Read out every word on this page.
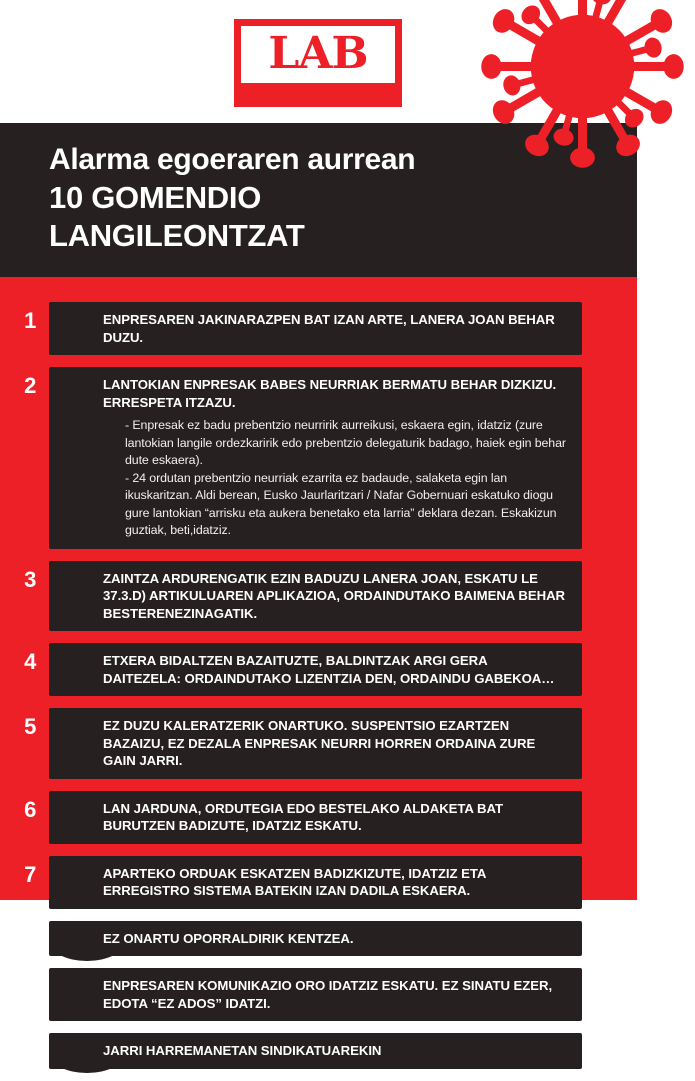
LAB
Alarma egoeraren aurrean
10 GOMENDIO
LANGILEONTZAT
1	ENPRESAREN JAKINARAZPEN BAT IZAN ARTE, LANERA JOAN BEHAR DUZU.
2	LANTOKIAN ENPRESAK BABES NEURRIAK BERMATU BEHAR DIZKIZU. ERRESPETA ITZAZU.

- Enpresak ez badu prebentzio neurririk aurreikusi, eskaera egin, idatziz (zure lantokian langile ordezkaririk edo prebentzio delegaturik badago, haiek egin behar dute eskaera).

- 24 ordutan prebentzio neurriak ezarrita ez badaude, salaketa egin lan ikuskaritzan. Aldi berean, Eusko Jaurlaritzari / Nafar Gobernuari eskatuko diogu gure lantokian “arrisku eta aukera benetako eta larria” deklara dezan. Eskakizun guztiak, beti,idatziz.

3	ZAINTZA ARDURENGATIK EZIN BADUZU LANERA JOAN, ESKATU LE 37.3.D) ARTIKULUAREN APLIKAZIOA, ORDAINDUTAKO BAIMENA BEHAR BESTERENEZINAGATIK.
4	ETXERA BIDALTZEN BAZAITUZTE, BALDINTZAK ARGI GERA DAITEZELA: ORDAINDUTAKO LIZENTZIA DEN, ORDAINDU GABEKOA…
5	EZ DUZU KALERATZERIK ONARTUKO. SUSPENTSIO EZARTZEN BAZAIZU, EZ DEZALA ENPRESAK NEURRI HORREN ORDAINA ZURE GAIN JARRI.
6	LAN JARDUNA, ORDUTEGIA EDO BESTELAKO ALDAKETA BAT BURUTZEN BADIZUTE, IDATZIZ ESKATU.
7	APARTEKO ORDUAK ESKATZEN BADIZKIZUTE, IDATZIZ ETA ERREGISTRO SISTEMA BATEKIN IZAN DADILA ESKAERA.
8	EZ ONARTU OPORRALDIRIK KENTZEA.
9	ENPRESAREN KOMUNIKAZIO ORO IDATZIZ ESKATU. EZ SINATU EZER, EDOTA “EZ ADOS” IDATZI.
10	JARRI HARREMANETAN SINDIKATUAREKIN
